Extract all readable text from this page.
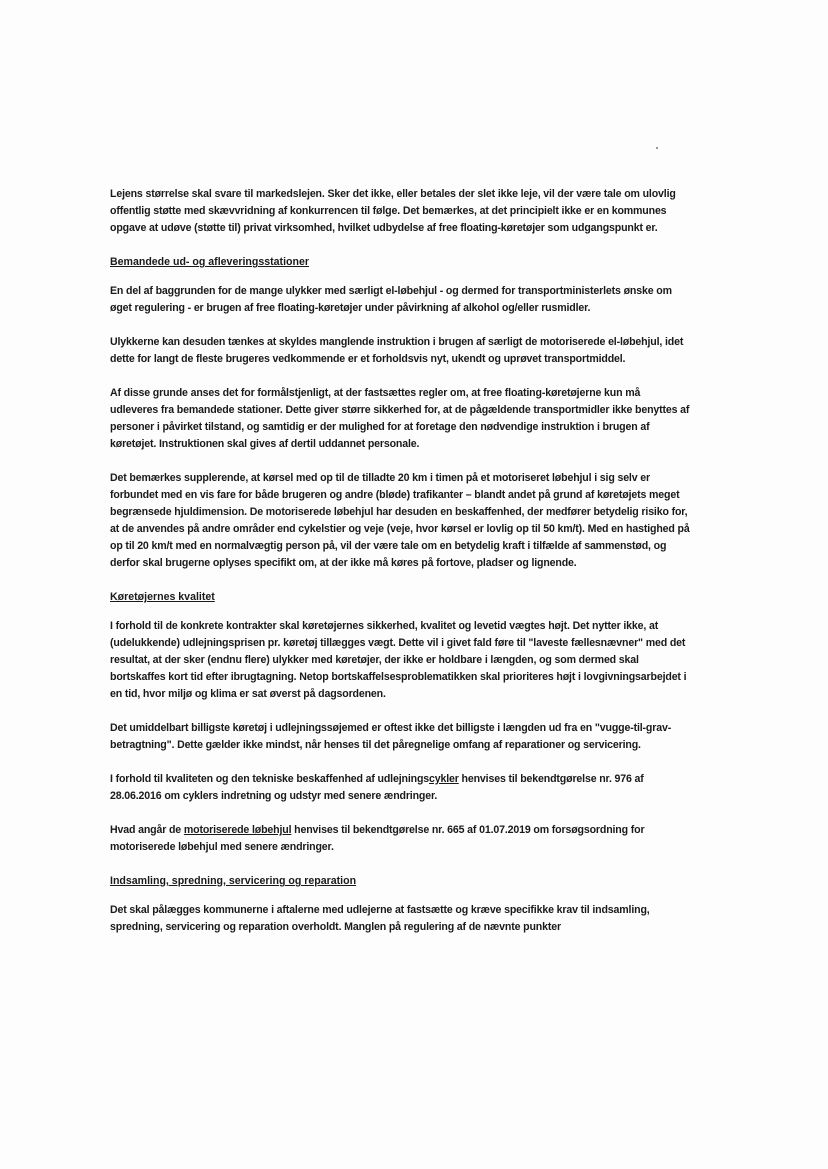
Lejens størrelse skal svare til markedslejen. Sker det ikke, eller betales der slet ikke leje, vil der være tale om ulovlig offentlig støtte med skævvridning af konkurrencen til følge. Det bemærkes, at det principielt ikke er en kommunes opgave at udøve (støtte til) privat virksomhed, hvilket udbydelse af free floating-køretøjer som udgangspunkt er.

Bemandede ud- og afleveringsstationer

En del af baggrunden for de mange ulykker med særligt el-løbehjul - og dermed for transportministerlets ønske om øget regulering - er brugen af free floating-køretøjer under påvirkning af alkohol og/eller rusmidler.

Ulykkerne kan desuden tænkes at skyldes manglende instruktion i brugen af særligt de motoriserede el-løbehjul, idet dette for langt de fleste brugeres vedkommende er et forholdsvis nyt, ukendt og uprøvet transportmiddel.

Af disse grunde anses det for formålstjenligt, at der fastsættes regler om, at free floating-køretøjerne kun må udleveres fra bemandede stationer. Dette giver større sikkerhed for, at de pågældende transportmidler ikke benyttes af personer i påvirket tilstand, og samtidig er der mulighed for at foretage den nødvendige instruktion i brugen af køretøjet. Instruktionen skal gives af dertil uddannet personale.

Det bemærkes supplerende, at kørsel med op til de tilladte 20 km i timen på et motoriseret løbehjul i sig selv er forbundet med en vis fare for både brugeren og andre (bløde) trafikanter – blandt andet på grund af køretøjets meget begrænsede hjuldimension. De motoriserede løbehjul har desuden en beskaffenhed, der medfører betydelig risiko for, at de anvendes på andre områder end cykelstier og veje (veje, hvor kørsel er lovlig op til 50 km/t). Med en hastighed på op til 20 km/t med en normalvægtig person på, vil der være tale om en betydelig kraft i tilfælde af sammenstød, og derfor skal brugerne oplyses specifikt om, at der ikke må køres på fortove, pladser og lignende.

Køretøjernes kvalitet

I forhold til de konkrete kontrakter skal køretøjernes sikkerhed, kvalitet og levetid vægtes højt. Det nytter ikke, at (udelukkende) udlejningsprisen pr. køretøj tillægges vægt. Dette vil i givet fald føre til "laveste fællesnævner" med det resultat, at der sker (endnu flere) ulykker med køretøjer, der ikke er holdbare i længden, og som dermed skal bortskaffes kort tid efter ibrugtagning. Netop bortskaffelsesproblematikken skal prioriteres højt i lovgivningsarbejdet i en tid, hvor miljø og klima er sat øverst på dagsordenen.

Det umiddelbart billigste køretøj i udlejningssøjemed er oftest ikke det billigste i længden ud fra en "vugge-til-grav-betragtning". Dette gælder ikke mindst, når henses til det påregnelige omfang af reparationer og servicering.

I forhold til kvaliteten og den tekniske beskaffenhed af udlejningscykler henvises til bekendtgørelse nr. 976 af 28.06.2016 om cyklers indretning og udstyr med senere ændringer.

Hvad angår de motoriserede løbehjul henvises til bekendtgørelse nr. 665 af 01.07.2019 om forsøgsordning for motoriserede løbehjul med senere ændringer.

Indsamling, spredning, servicering og reparation

Det skal pålægges kommunerne i aftalerne med udlejerne at fastsætte og kræve specifikke krav til indsamling, spredning, servicering og reparation overholdt. Manglen på regulering af de nævnte punkter
